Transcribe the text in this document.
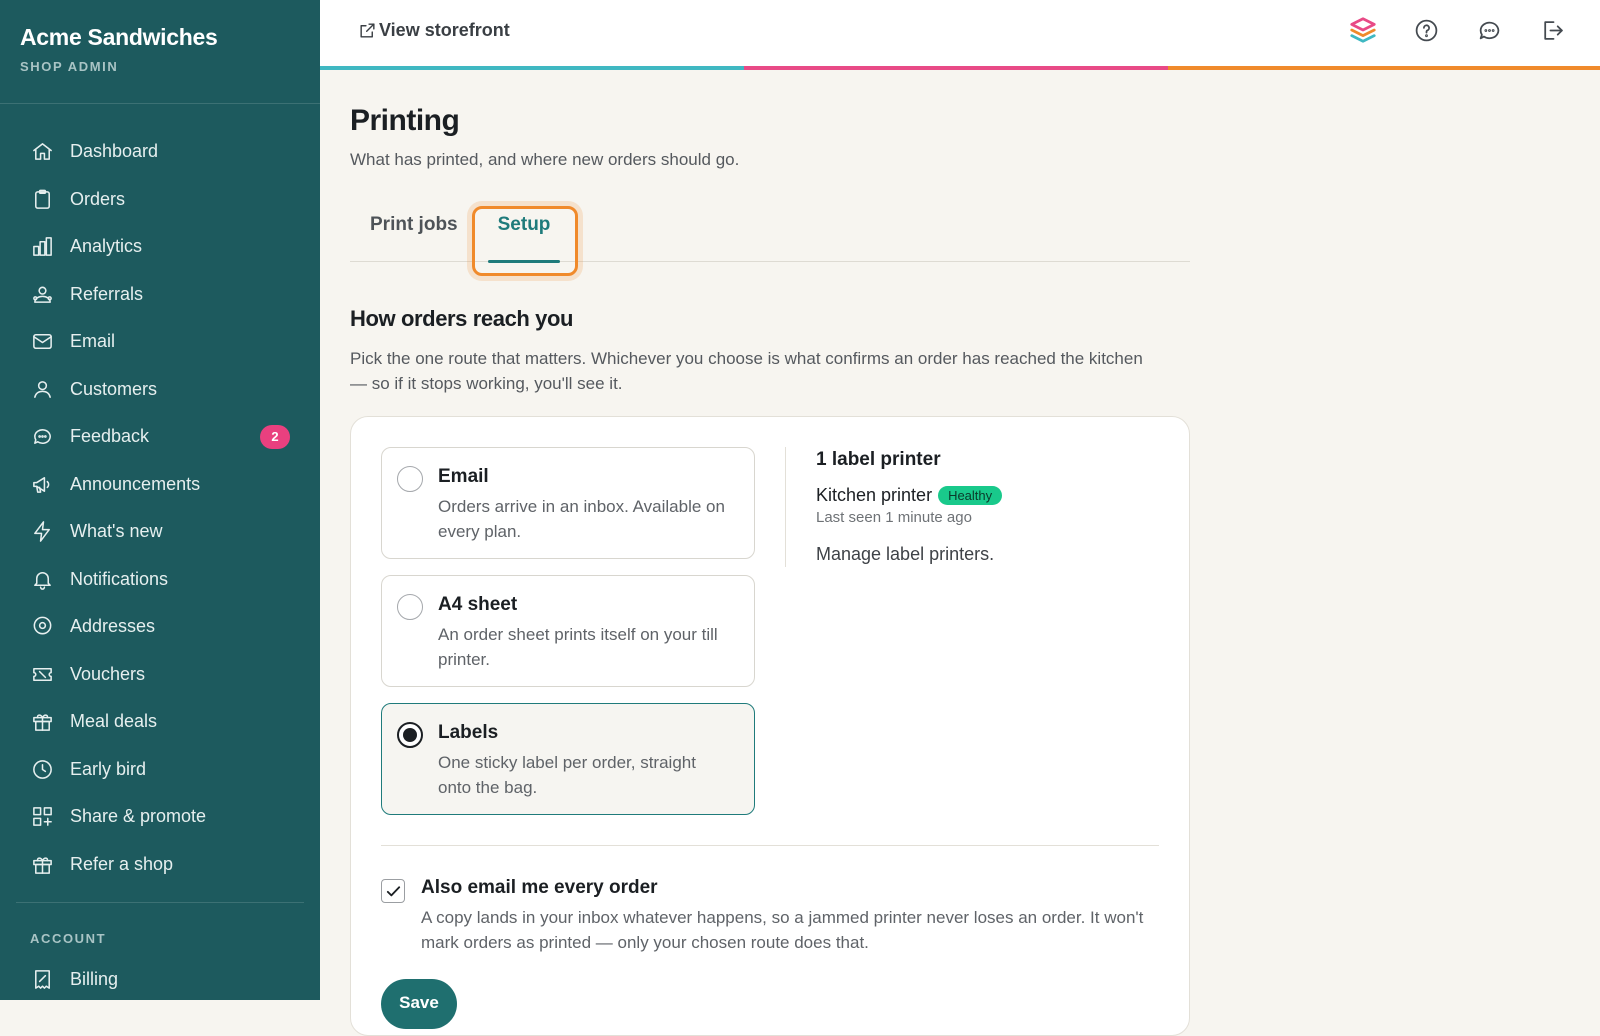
Acme Sandwiches
SHOP ADMIN
Dashboard
Orders
Analytics
Referrals
Email
Customers
Feedback	2
Announcements
What's new
Notifications
Addresses
Vouchers
Meal deals
Early bird
Share & promote
Refer a shop
ACCOUNT
Billing
View storefront
Printing

What has printed, and where new orders should go.

Print jobs	Setup
How orders reach you

Pick the one route that matters. Whichever you choose is what confirms an order has reached the kitchen — so if it stops working, you'll see it.

Email
Orders arrive in an inbox. Available on every plan.
A4 sheet
An order sheet prints itself on your till printer.
Labels
One sticky label per order, straight onto the bag.
1 label printer
Kitchen printer	Healthy
Last seen 1 minute ago
Manage label printers.
Also email me every order
A copy lands in your inbox whatever happens, so a jammed printer never loses an order. It won't mark orders as printed — only your chosen route does that.
Save
